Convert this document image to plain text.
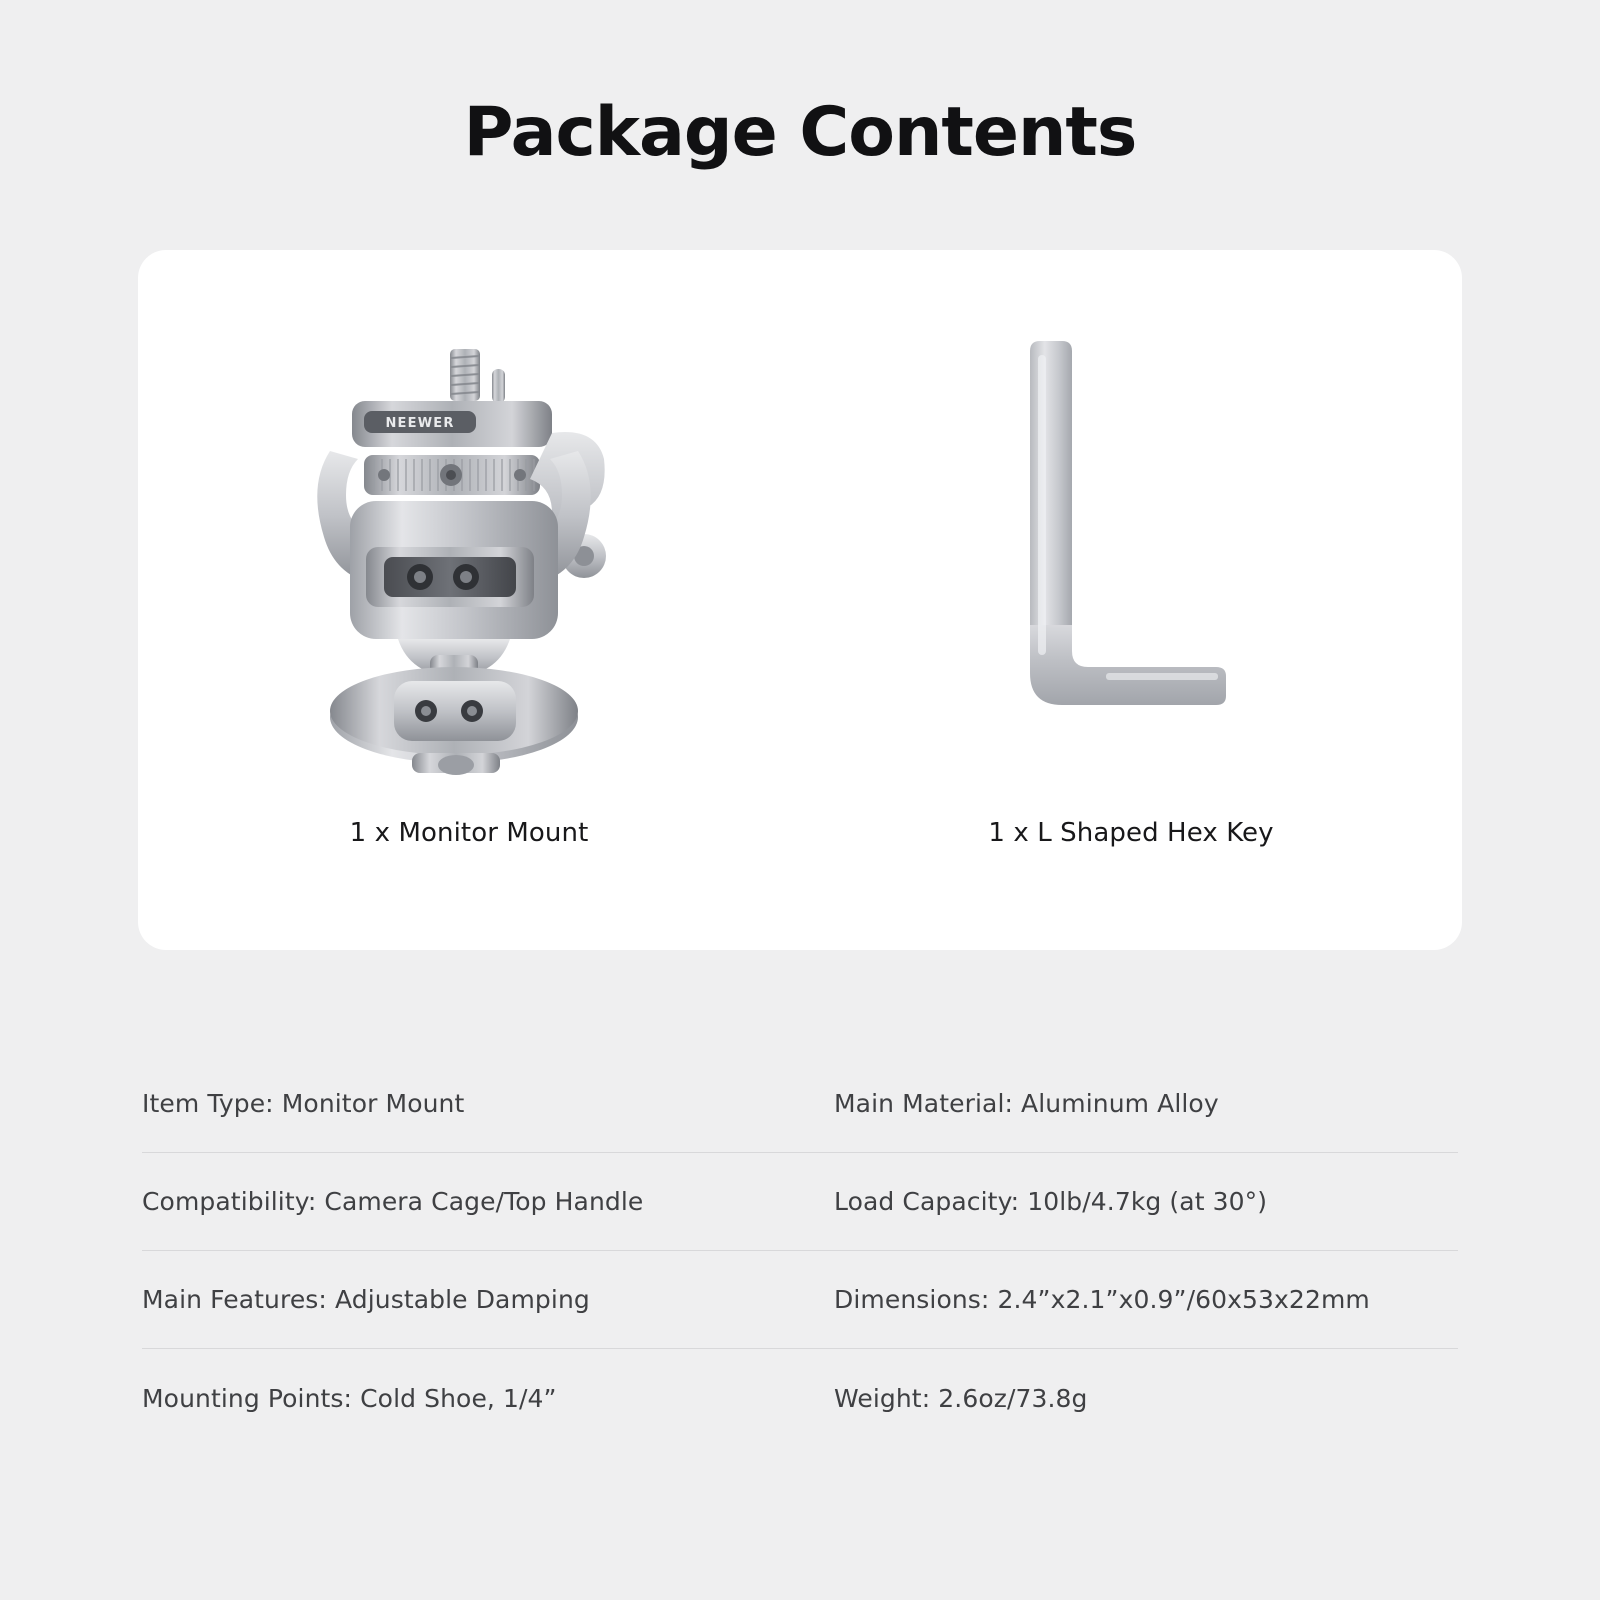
Package Contents
NEEWER
1 x Monitor Mount	1 x L Shaped Hex Key
Item Type: Monitor Mount	Main Material: Aluminum Alloy
Compatibility: Camera Cage/Top Handle	Load Capacity: 10lb/4.7kg (at 30°)
Main Features: Adjustable Damping	Dimensions: 2.4”x2.1”x0.9”/60x53x22mm
Mounting Points: Cold Shoe, 1/4”	Weight: 2.6oz/73.8g
